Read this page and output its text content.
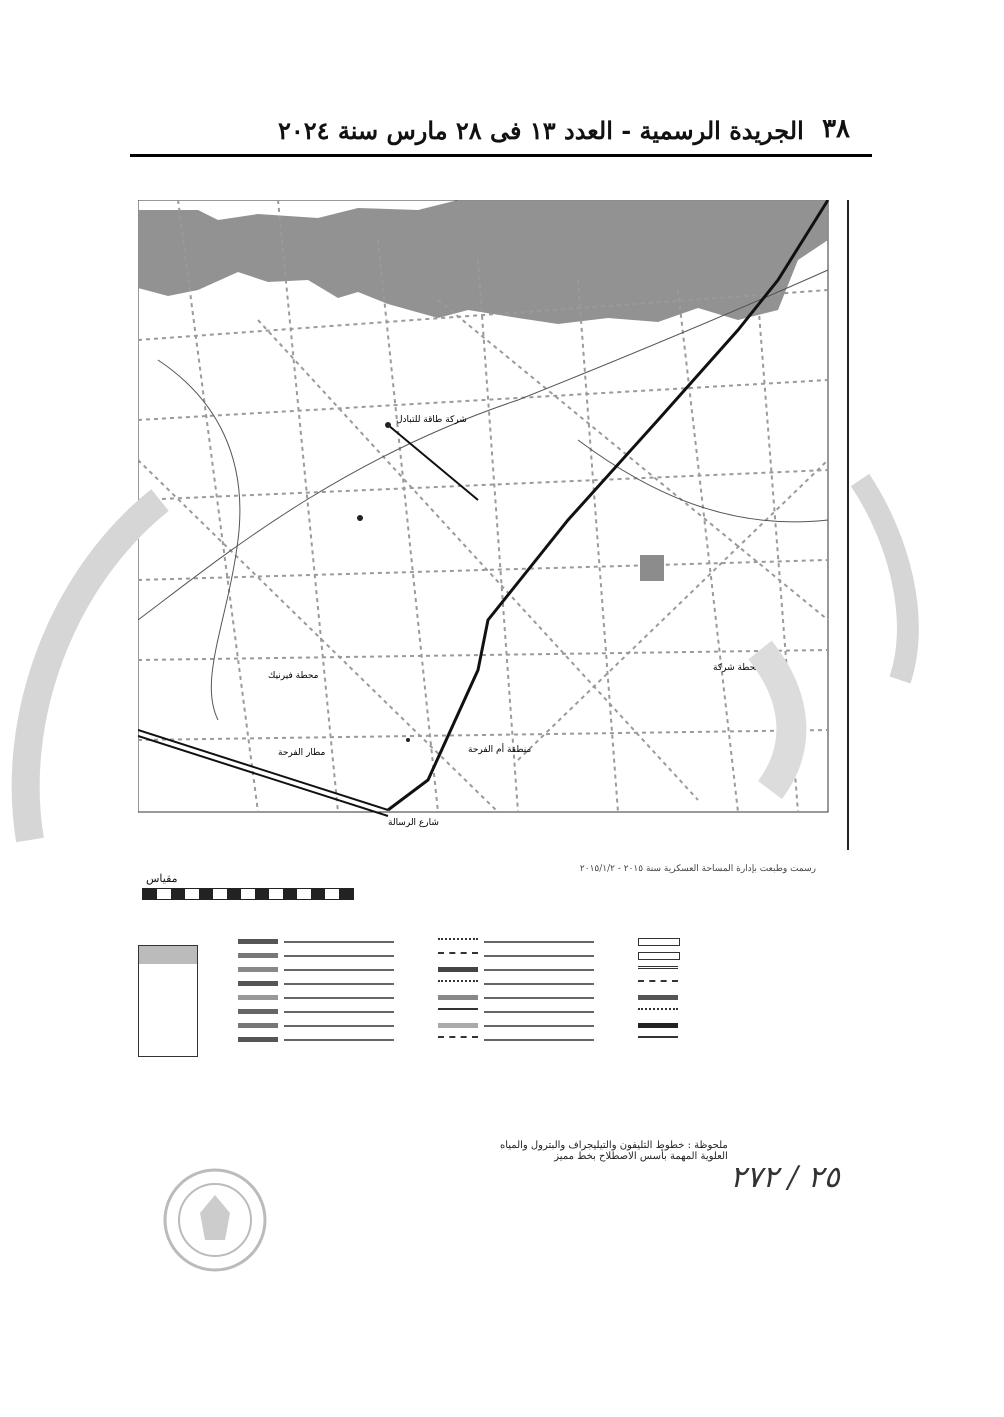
الجريدة الرسمية - العدد ١٣ فى ٢٨ مارس سنة ٢٠٢٤ ٣٨
شركة طاقة للتبادل
محطة فيرنيك
محطة شركة
منطقة أم الفرحة
مطار الفرحة
شارع الرسالة
مقياس
رسمت وطبعت بإدارة المساحة العسكرية سنة ٢٠١٥ - ٢٠١٥/١/٢
ملحوظة : خطوط التليفون والتيليجراف والبترول والمياه
العلوية المهمة بأسس الاصطلاح بخط مميز
٢٥ / ٢٧٢
